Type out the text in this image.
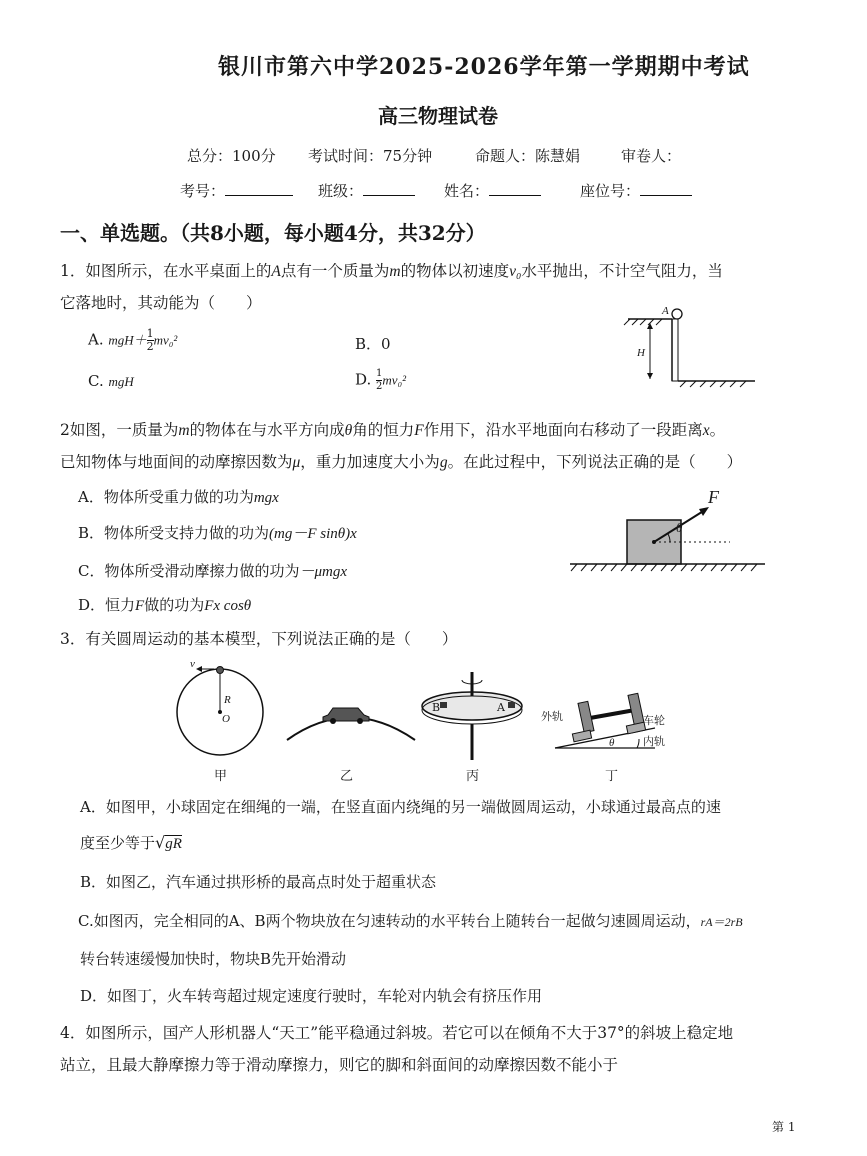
银川市第六中学2025-2026学年第一学期期中考试
高三物理试卷
总分：100分 考试时间：75分钟	命题人：陈慧娟	审卷人：
考号：	班级：	姓名：	座位号：
一、单选题。（共8小题，每小题4分，共32分）
1．如图所示，在水平桌面上的A点有一个质量为m的物体以初速度v₀水平抛出，不计空气阻力，当
它落地时，其动能为（　　）
A. $mgH+ \frac{1}{2} mv_0^2$	B．0
C. mgH	D. $\frac{1}{2} mv_0^2$
A
H
2如图，一质量为m的物体在与水平方向成θ角的恒力F作用下，沿水平地面向右移动了一段距离x。
已知物体与地面间的动摩擦因数为μ，重力加速度大小为g。在此过程中，下列说法正确的是（　　）
A．物体所受重力做的功为mgx
B．物体所受支持力做的功为(mg－F sinθ)x
C．物体所受滑动摩擦力做的功为－μmgx
D．恒力F做的功为Fx cosθ
F
θ
3．有关圆周运动的基本模型，下列说法正确的是（　　）
v
R
O
甲	乙
B	A
丙
外轨	车轮
内轨
θ
丁
A．如图甲，小球固定在细绳的一端，在竖直面内绕绳的另一端做圆周运动，小球通过最高点的速
度至少等于√gR
B．如图乙，汽车通过拱形桥的最高点时处于超重状态
C.如图丙，完全相同的A、B两个物块放在匀速转动的水平转台上随转台一起做匀速圆周运动，rA＝2rB
转台转速缓慢加快时，物块B先开始滑动
D．如图丁，火车转弯超过规定速度行驶时，车轮对内轨会有挤压作用
4．如图所示，国产人形机器人“天工”能平稳通过斜坡。若它可以在倾角不大于37°的斜坡上稳定地
站立，且最大静摩擦力等于滑动摩擦力，则它的脚和斜面间的动摩擦因数不能小于
第 1
